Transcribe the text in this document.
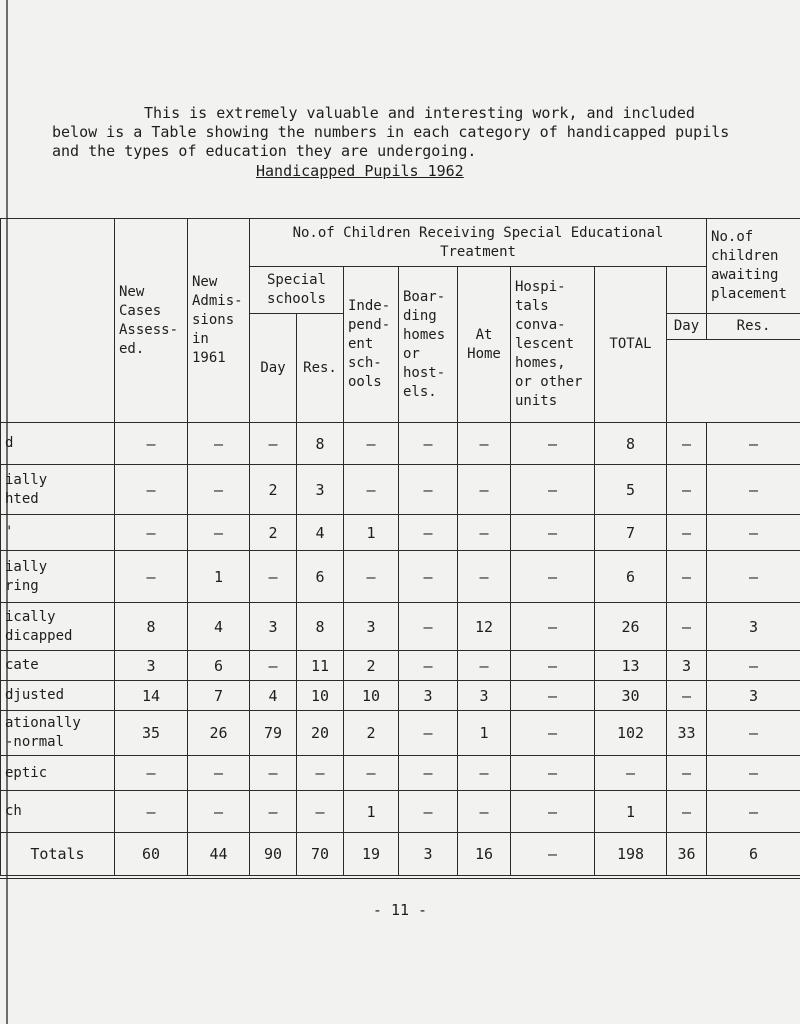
This is extremely valuable and interesting work, and included
below is a Table showing the numbers in each category of handicapped pupils
and the types of education they are undergoing.
Handicapped Pupils 1962
	New Cases Assess- ed.	New Admis- sions in 1961	No.of Children Receiving Special Educational Treatment								No.of children awaiting placement
			Special schools		Inde- pend- ent sch- ools	Boar- ding homes or host- els.	At Home	Hospi- tals conva- lescent homes, or other units	TOTAL		
			Day	Res.						Day	Res.

d	–	–	–	8	–	–	–	–	8	–	–
ially
hted	–	–	2	3	–	–	–	–	5	–	–
'	–	–	2	4	1	–	–	–	7	–	–
ially
ring	–	1	–	6	–	–	–	–	6	–	–
ically
dicapped	8	4	3	8	3	–	12	–	26	–	3
cate	3	6	–	11	2	–	–	–	13	3	–
djusted	14	7	4	10	10	3	3	–	30	–	3
ationally
-normal	35	26	79	20	2	–	1	–	102	33	–
eptic	–	–	–	–	–	–	–	–	–	–	–
ch	–	–	–	–	1	–	–	–	1	–	–
Totals	60	44	90	70	19	3	16	–	198	36	6
- 11 -
